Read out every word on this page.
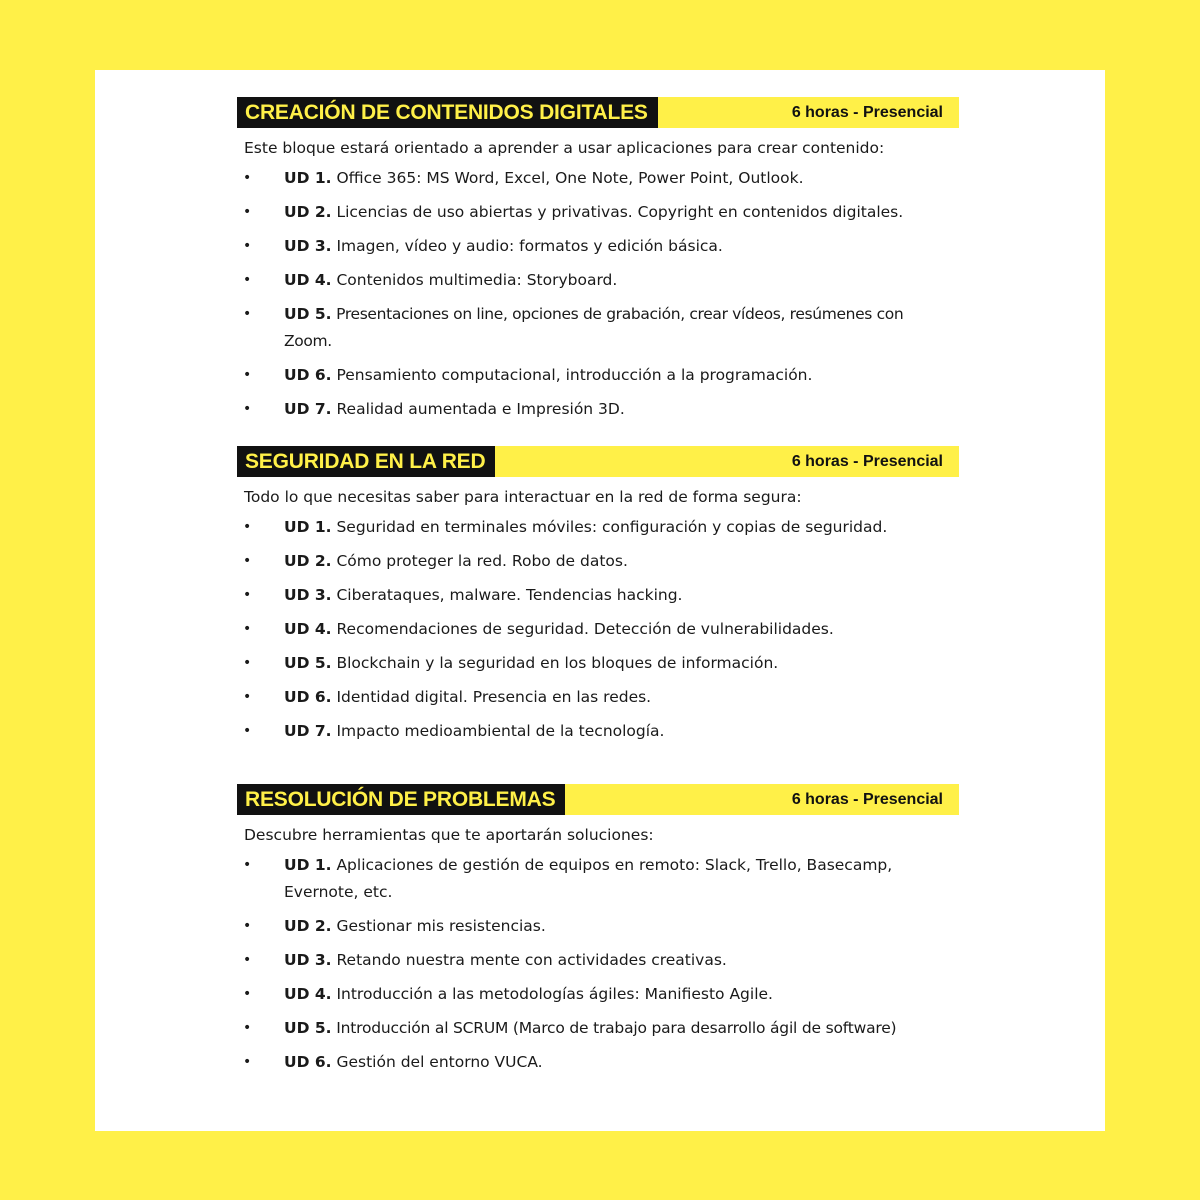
CREACIÓN DE CONTENIDOS DIGITALES	6 horas - Presencial
Este bloque estará orientado a aprender a usar aplicaciones para crear contenido:
• UD 1. Office 365: MS Word, Excel, One Note, Power Point, Outlook.
• UD 2. Licencias de uso abiertas y privativas. Copyright en contenidos digitales.
• UD 3. Imagen, vídeo y audio: formatos y edición básica.
• UD 4. Contenidos multimedia: Storyboard.
• UD 5. Presentaciones on line, opciones de grabación, crear vídeos, resúmenes con Zoom.
• UD 6. Pensamiento computacional, introducción a la programación.
• UD 7. Realidad aumentada e Impresión 3D.
SEGURIDAD EN LA RED	6 horas - Presencial
Todo lo que necesitas saber para interactuar en la red de forma segura:
• UD 1. Seguridad en terminales móviles: configuración y copias de seguridad.
• UD 2. Cómo proteger la red. Robo de datos.
• UD 3. Ciberataques, malware. Tendencias hacking.
• UD 4. Recomendaciones de seguridad. Detección de vulnerabilidades.
• UD 5. Blockchain y la seguridad en los bloques de información.
• UD 6. Identidad digital. Presencia en las redes.
• UD 7. Impacto medioambiental de la tecnología.
RESOLUCIÓN DE PROBLEMAS	6 horas - Presencial
Descubre herramientas que te aportarán soluciones:
• UD 1. Aplicaciones de gestión de equipos en remoto: Slack, Trello, Basecamp, Evernote, etc.
• UD 2. Gestionar mis resistencias.
• UD 3. Retando nuestra mente con actividades creativas.
• UD 4. Introducción a las metodologías ágiles: Manifiesto Agile.
• UD 5. Introducción al SCRUM (Marco de trabajo para desarrollo ágil de software)
• UD 6. Gestión del entorno VUCA.
